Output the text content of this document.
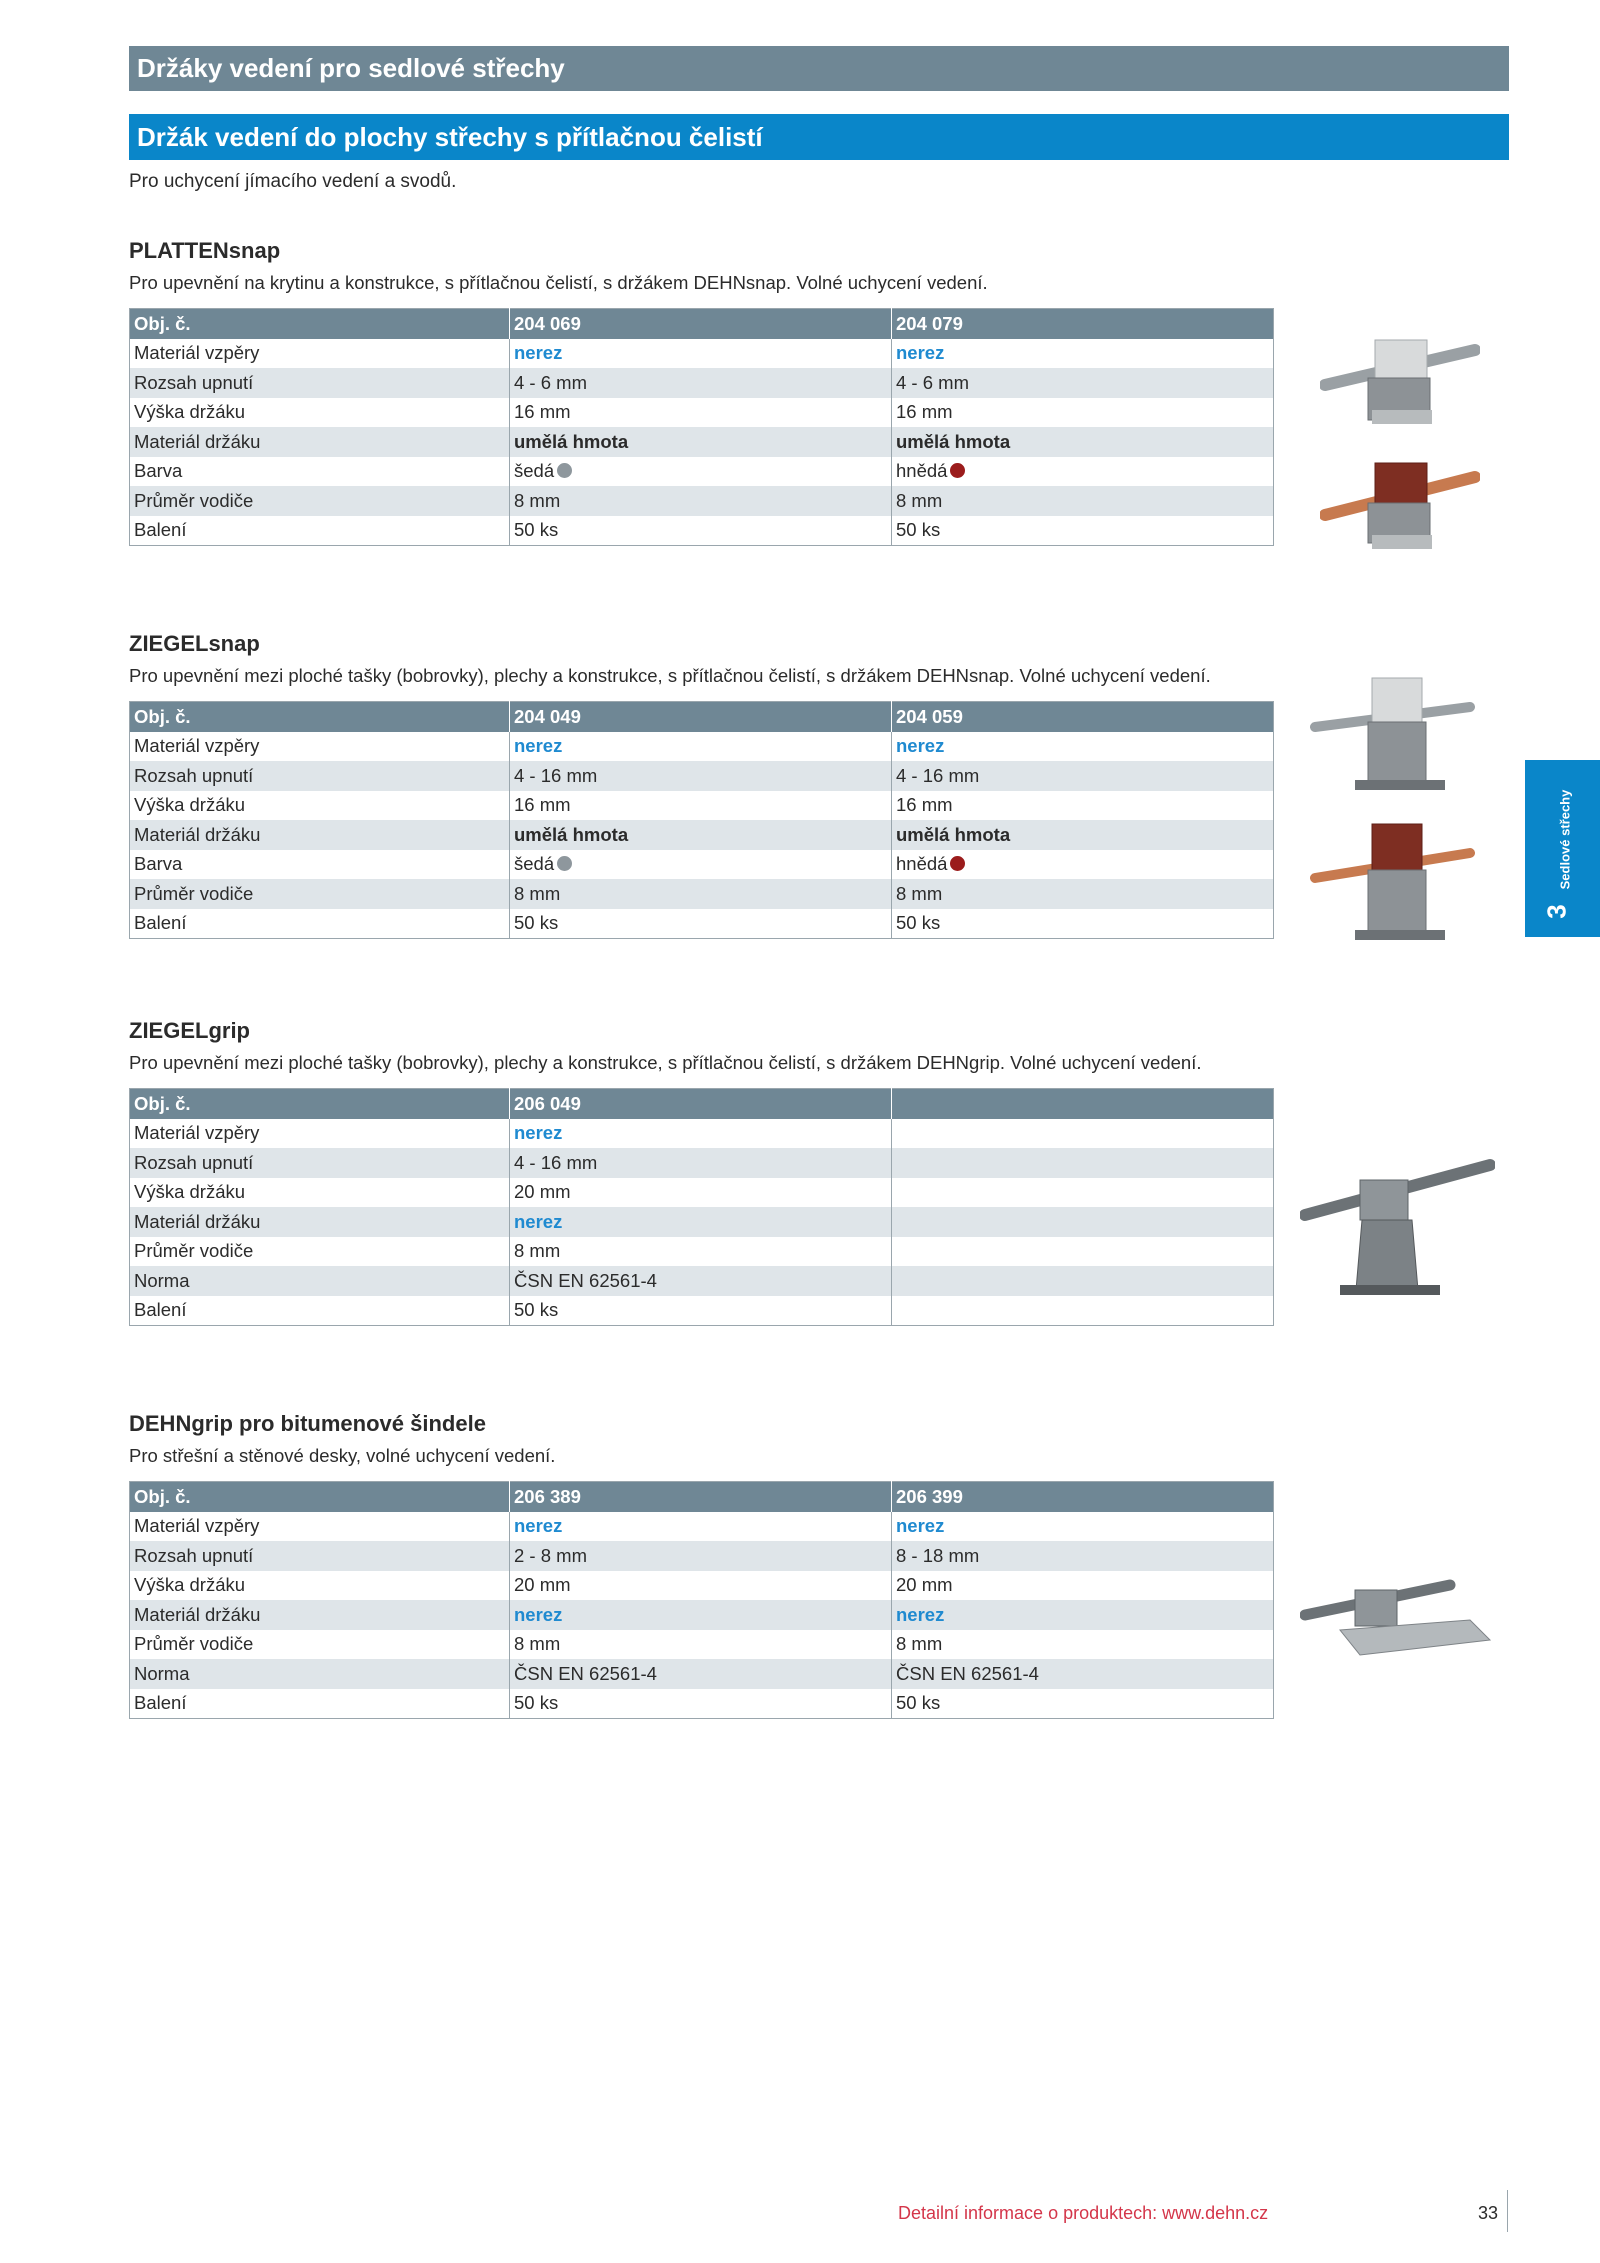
Držáky vedení pro sedlové střechy
Držák vedení do plochy střechy s přítlačnou čelistí
Pro uchycení jímacího vedení a svodů.
PLATTENsnap
Pro upevnění na krytinu a konstrukce, s přítlačnou čelistí, s držákem DEHNsnap. Volné uchycení vedení.
Obj. č.	204 069	204 079
Materiál vzpěry	nerez	nerez
Rozsah upnutí	4 - 6 mm	4 - 6 mm
Výška držáku	16 mm	16 mm
Materiál držáku	umělá hmota	umělá hmota
Barva	šedá	hnědá
Průměr vodiče	8 mm	8 mm
Balení	50 ks	50 ks
ZIEGELsnap
Pro upevnění mezi ploché tašky (bobrovky), plechy a konstrukce, s přítlačnou čelistí, s držákem DEHNsnap. Volné uchycení vedení.
Obj. č.	204 049	204 059
Materiál vzpěry	nerez	nerez
Rozsah upnutí	4 - 16 mm	4 - 16 mm
Výška držáku	16 mm	16 mm
Materiál držáku	umělá hmota	umělá hmota
Barva	šedá	hnědá
Průměr vodiče	8 mm	8 mm
Balení	50 ks	50 ks
ZIEGELgrip
Pro upevnění mezi ploché tašky (bobrovky), plechy a konstrukce, s přítlačnou čelistí, s držákem DEHNgrip. Volné uchycení vedení.
Obj. č.	206 049	
Materiál vzpěry	nerez	
Rozsah upnutí	4 - 16 mm	
Výška držáku	20 mm	
Materiál držáku	nerez	
Průměr vodiče	8 mm	
Norma	ČSN EN 62561-4	
Balení	50 ks	
DEHNgrip pro bitumenové šindele
Pro střešní a stěnové desky, volné uchycení vedení.
Obj. č.	206 389	206 399
Materiál vzpěry	nerez	nerez
Rozsah upnutí	2 - 8 mm	8 - 18 mm
Výška držáku	20 mm	20 mm
Materiál držáku	nerez	nerez
Průměr vodiče	8 mm	8 mm
Norma	ČSN EN 62561-4	ČSN EN 62561-4
Balení	50 ks	50 ks
Sedlové střechy
3
Detailní informace o produktech: www.dehn.cz	33
